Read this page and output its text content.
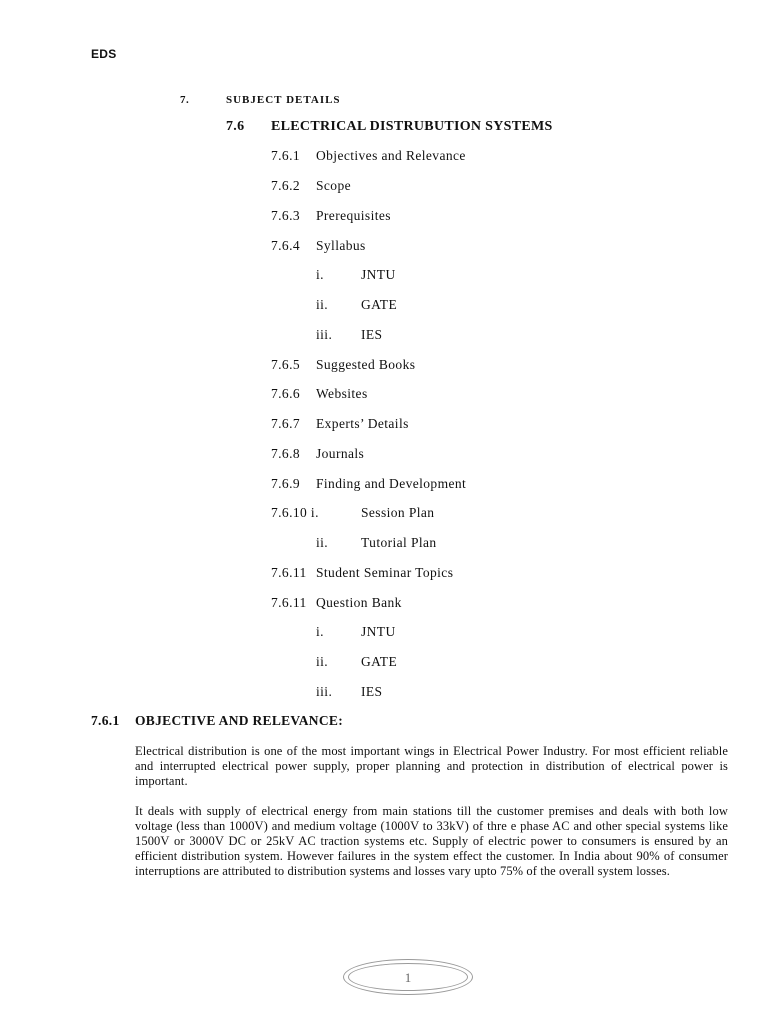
EDS
7.	SUBJECT DETAILS
7.6 ELECTRICAL DISTRUBUTION SYSTEMS
7.6.1 Objectives and Relevance
7.6.2 Scope
7.6.3 Prerequisites
7.6.4 Syllabus
i.	JNTU
ii. GATE
iii. IES
7.6.5 Suggested Books
7.6.6 Websites
7.6.7 Experts’ Details
7.6.8 Journals
7.6.9 Finding and Development
7.6.10 i.	Session Plan
ii. Tutorial Plan
7.6.11 Student Seminar Topics
7.6.11 Question Bank
i.	JNTU
ii. GATE
iii. IES
7.6.1 OBJECTIVE AND RELEVANCE:
Electrical distribution is one of the most important wings in Electrical Power Industry. For most efficient reliable and interrupted electrical power supply, proper planning and protection in distribution of electrical power is important.
It deals with supply of electrical energy from main stations till the customer premises and deals with both low voltage (less than 1000V) and medium voltage (1000V to 33kV) of thre e phase AC and other special systems like 1500V or 3000V DC or 25kV AC traction systems etc. Supply of electric power to consumers is ensured by an efficient distribution system. However failures in the system effect the customer. In India about 90% of consumer interruptions are attributed to distribution systems and losses vary upto 75% of the overall system losses.
1
